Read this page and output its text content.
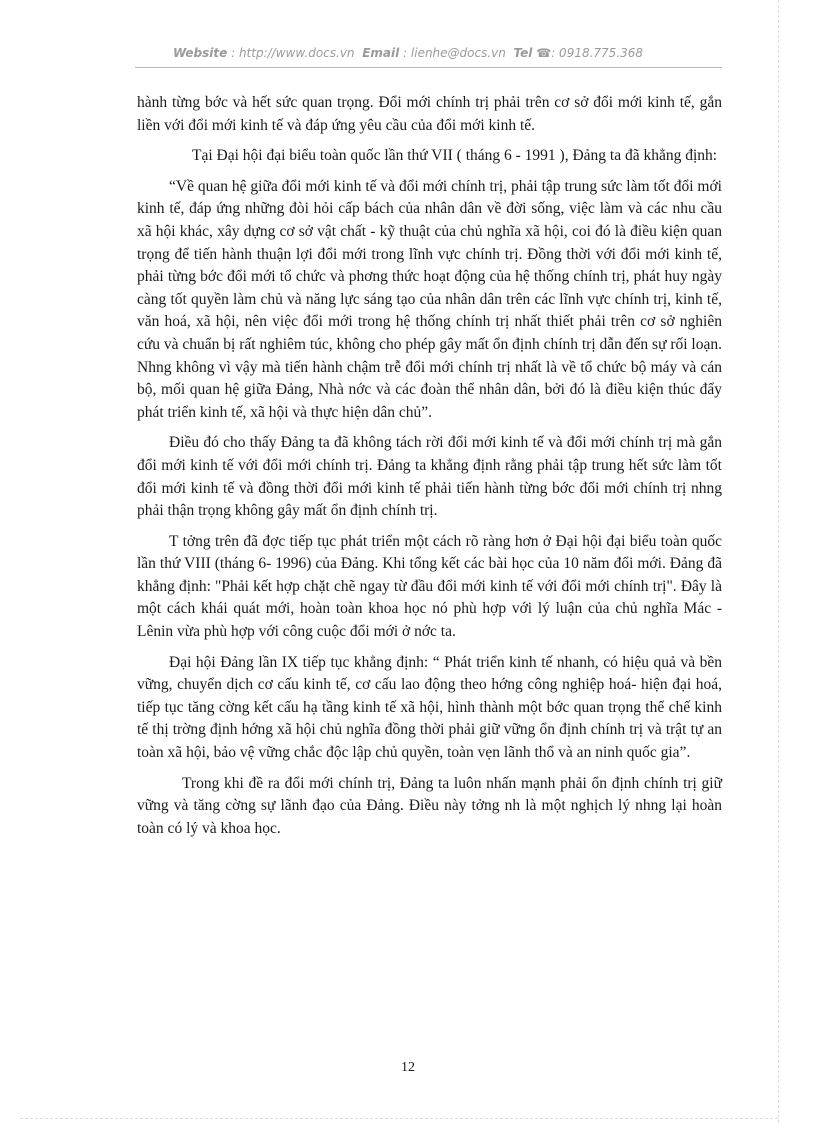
Website : http://www.docs.vn Email : lienhe@docs.vn Tel ☎: 0918.775.368

hành từng bớc và hết sức quan trọng. Đổi mới chính trị phải trên cơ sở đổi mới kinh tế, gắn liền với đổi mới kinh tế và đáp ứng yêu cầu của đổi mới kinh tế.

Tại Đại hội đại biểu toàn quốc lần thứ VII ( tháng 6 - 1991 ), Đảng ta đã khẳng định:

“Về quan hệ giữa đổi mới kinh tế và đổi mới chính trị, phải tập trung sức làm tốt đổi mới kinh tế, đáp ứng những đòi hỏi cấp bách của nhân dân về đời sống, việc làm và các nhu cầu xã hội khác, xây dựng cơ sở vật chất - kỹ thuật của chủ nghĩa xã hội, coi đó là điều kiện quan trọng để tiến hành thuận lợi đổi mới trong lĩnh vực chính trị. Đồng thời với đổi mới kinh tế, phải từng bớc đổi mới tổ chức và phơng thức hoạt động của hệ thống chính trị, phát huy ngày càng tốt quyền làm chủ và năng lực sáng tạo của nhân dân trên các lĩnh vực chính trị, kinh tế, văn hoá, xã hội, nên việc đổi mới trong hệ thống chính trị nhất thiết phải trên cơ sở nghiên cứu và chuẩn bị rất nghiêm túc, không cho phép gây mất ổn định chính trị dẫn đến sự rối loạn. Nhng không vì vậy mà tiến hành chậm trễ đổi mới chính trị nhất là về tổ chức bộ máy và cán bộ, mối quan hệ giữa Đảng, Nhà nớc và các đoàn thể nhân dân, bởi đó là điều kiện thúc đẩy phát triển kinh tế, xã hội và thực hiện dân chủ”.

Điều đó cho thấy Đảng ta đã không tách rời đổi mới kinh tế và đổi mới chính trị mà gắn đổi mới kinh tế với đổi mới chính trị. Đảng ta khẳng định rằng phải tập trung hết sức làm tốt đổi mới kinh tế và đồng thời đổi mới kinh tế phải tiến hành từng bớc đổi mới chính trị nhng phải thận trọng không gây mất ổn định chính trị.

T tởng trên đã đợc tiếp tục phát triển một cách rõ ràng hơn ở Đại hội đại biểu toàn quốc lần thứ VIII (tháng 6- 1996) của Đảng. Khi tổng kết các bài học của 10 năm đổi mới. Đảng đã khẳng định: "Phải kết hợp chặt chẽ ngay từ đầu đổi mới kinh tế với đổi mới chính trị". Đây là một cách khái quát mới, hoàn toàn khoa học nó phù hợp với lý luận của chủ nghĩa Mác - Lênin vừa phù hợp với công cuộc đổi mới ở nớc ta.

Đại hội Đảng lần IX tiếp tục khẳng định: “ Phát triển kinh tế nhanh, có hiệu quả và bền vững, chuyển dịch cơ cấu kinh tế, cơ cấu lao động theo hớng công nghiệp hoá- hiện đại hoá, tiếp tục tăng cờng kết cấu hạ tầng kinh tế xã hội, hình thành một bớc quan trọng thể chế kinh tế thị trờng định hớng xã hội chủ nghĩa đồng thời phải giữ vững ổn định chính trị và trật tự an toàn xã hội, bảo vệ vững chắc độc lập chủ quyền, toàn vẹn lãnh thổ và an ninh quốc gia”.

Trong khi đề ra đổi mới chính trị, Đảng ta luôn nhấn mạnh phải ổn định chính trị giữ vững và tăng cờng sự lãnh đạo của Đảng. Điều này tởng nh là một nghịch lý nhng lại hoàn toàn có lý và khoa học.

12
